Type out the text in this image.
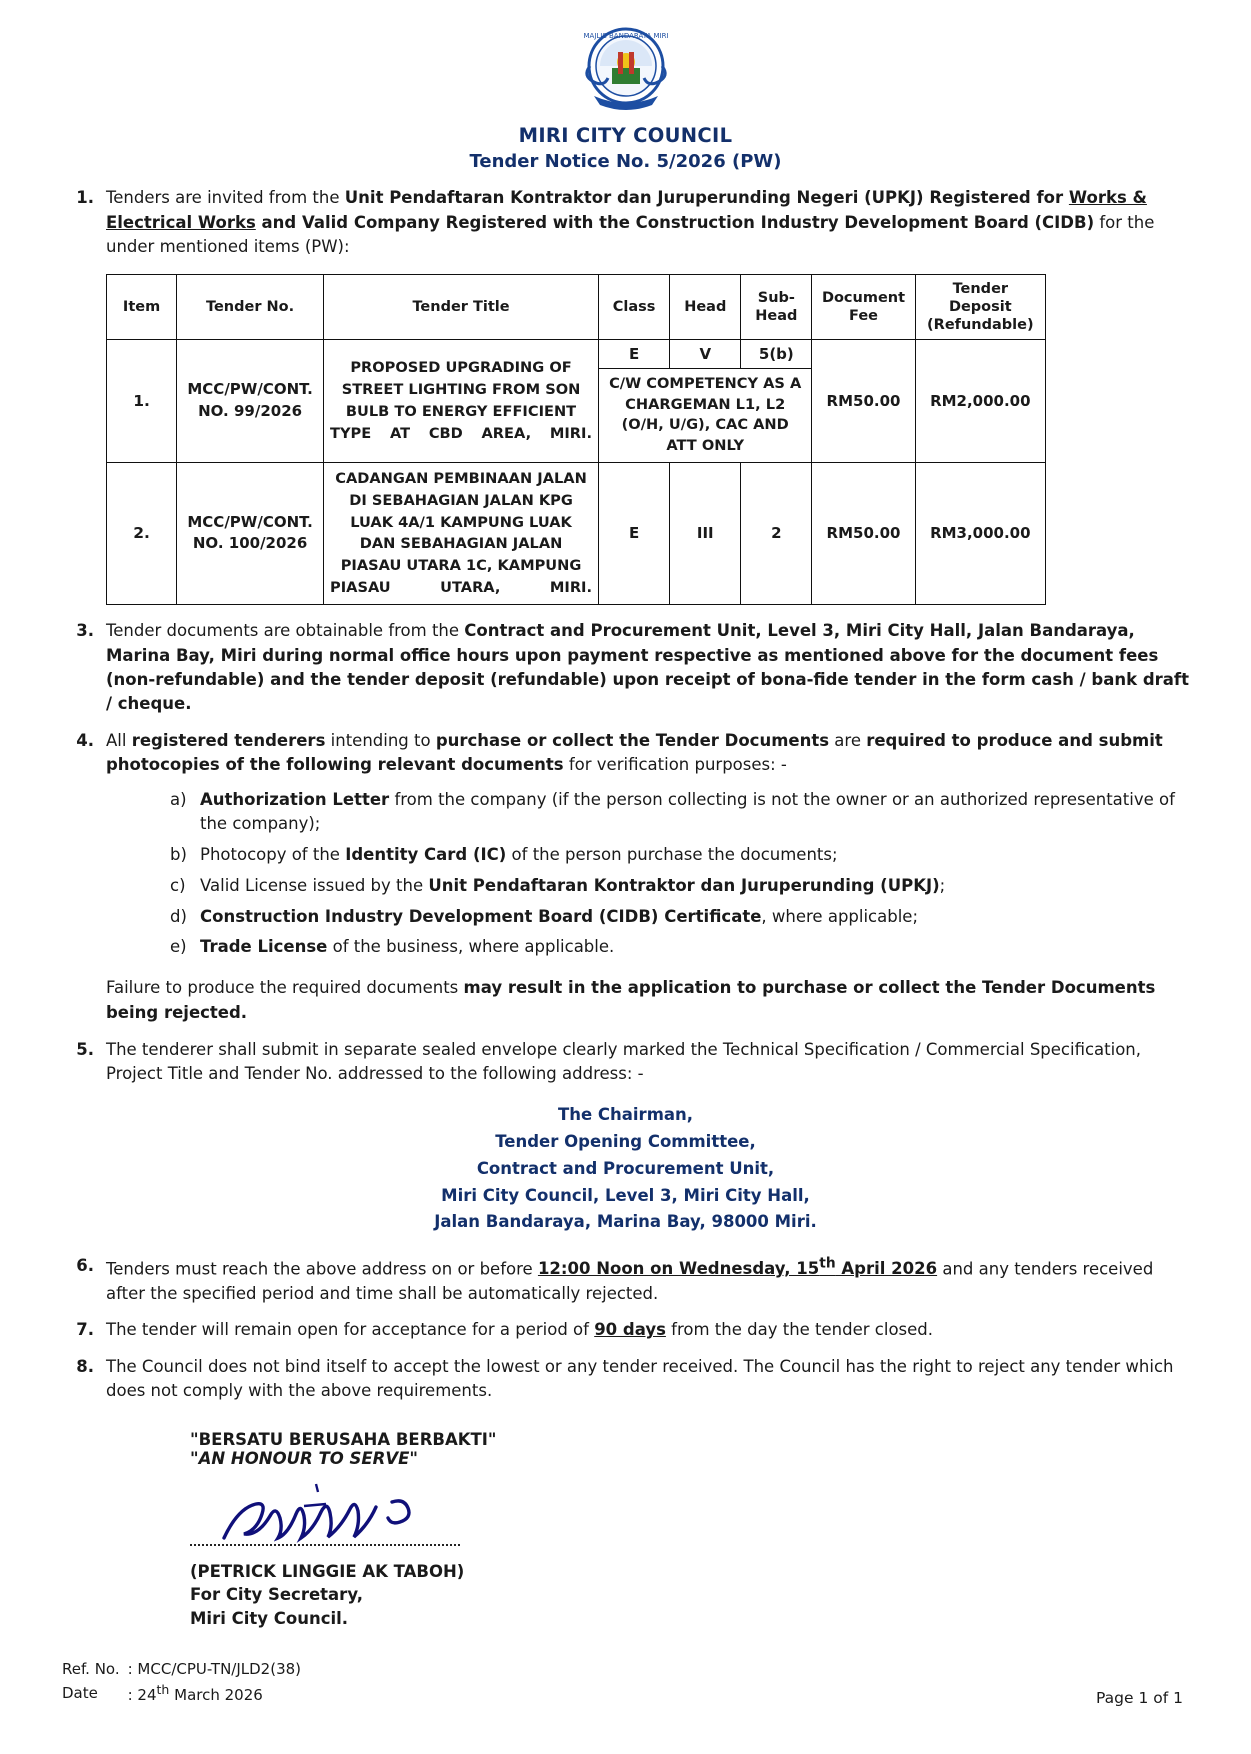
MAJLIS BANDARAYA MIRI
MIRI CITY COUNCIL
Tender Notice No. 5/2026 (PW)
1. Tenders are invited from the Unit Pendaftaran Kontraktor dan Juruperunding Negeri (UPKJ) Registered for Works & Electrical Works and Valid Company Registered with the Construction Industry Development Board (CIDB) for the under mentioned items (PW):
Item	Tender No.	Tender Title	Class	Head	Sub-Head	Document Fee	Tender Deposit (Refundable)
1.	MCC/PW/CONT. NO. 99/2026	PROPOSED UPGRADING OF STREET LIGHTING FROM SON BULB TO ENERGY EFFICIENT TYPE AT CBD AREA, MIRI.	E	V	5(b)	RM50.00	RM2,000.00
			C/W COMPETENCY AS A CHARGEMAN L1, L2 (O/H, U/G), CAC AND ATT ONLY				
2.	MCC/PW/CONT. NO. 100/2026	CADANGAN PEMBINAAN JALAN DI SEBAHAGIAN JALAN KPG LUAK 4A/1 KAMPUNG LUAK DAN SEBAHAGIAN JALAN PIASAU UTARA 1C, KAMPUNG PIASAU UTARA, MIRI.	E	III	2	RM50.00	RM3,000.00
3. Tender documents are obtainable from the Contract and Procurement Unit, Level 3, Miri City Hall, Jalan Bandaraya, Marina Bay, Miri during normal office hours upon payment respective as mentioned above for the document fees (non-refundable) and the tender deposit (refundable) upon receipt of bona-fide tender in the form cash / bank draft / cheque.
4. All registered tenderers intending to purchase or collect the Tender Documents are required to produce and submit photocopies of the following relevant documents for verification purposes: -
a) Authorization Letter from the company (if the person collecting is not the owner or an authorized representative of the company);
b) Photocopy of the Identity Card (IC) of the person purchase the documents;
c) Valid License issued by the Unit Pendaftaran Kontraktor dan Juruperunding (UPKJ);
d) Construction Industry Development Board (CIDB) Certificate, where applicable;
e) Trade License of the business, where applicable.
Failure to produce the required documents may result in the application to purchase or collect the Tender Documents being rejected.
5. The tenderer shall submit in separate sealed envelope clearly marked the Technical Specification / Commercial Specification, Project Title and Tender No. addressed to the following address: -
The Chairman,
Tender Opening Committee,
Contract and Procurement Unit,
Miri City Council, Level 3, Miri City Hall,
Jalan Bandaraya, Marina Bay, 98000 Miri.
6. Tenders must reach the above address on or before 12:00 Noon on Wednesday, 15th April 2026 and any tenders received after the specified period and time shall be automatically rejected.
7. The tender will remain open for acceptance for a period of 90 days from the day the tender closed.
8. The Council does not bind itself to accept the lowest or any tender received. The Council has the right to reject any tender which does not comply with the above requirements.
"BERSATU BERUSAHA BERBAKTI"
"AN HONOUR TO SERVE"
(PETRICK LINGGIE AK TABOH)
For City Secretary,
Miri City Council.
Ref. No.	: MCC/CPU-TN/JLD2(38)
Date	: 24th March 2026	Page 1 of 1
